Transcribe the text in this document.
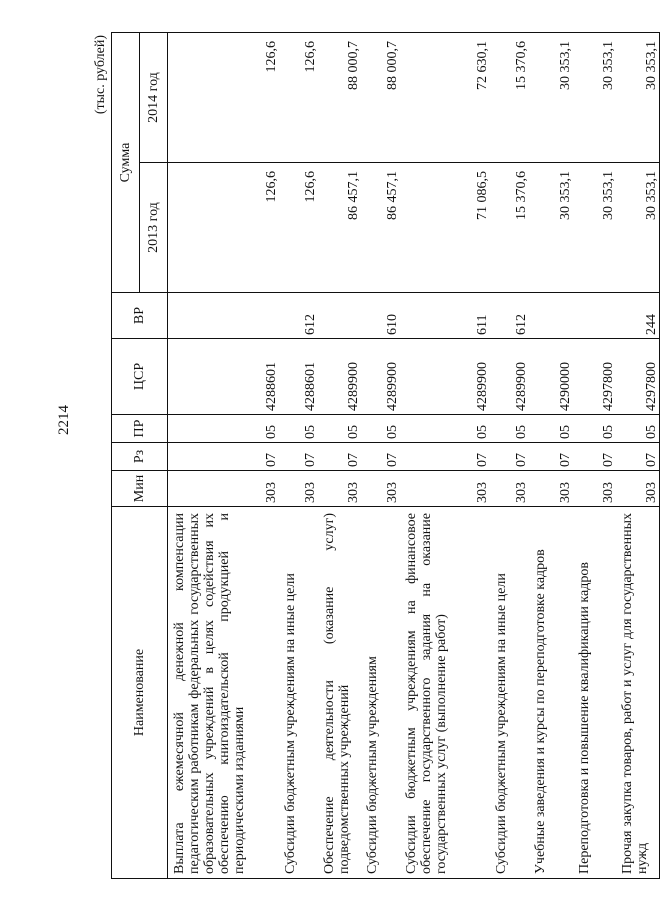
2214
(тыс. рублей)
Наименование	Мин	Рз	ПР	ЦСР	ВР	Сумма	
						2013 год	2014 год

Выплата ежемесячной денежной компенсации педагогическим работникам федеральных государственных образовательных учреждений в целях содействия их обеспечению книгоиздательской продукцией и периодическими изданиями	303	07	05	4288601		126,6	126,6

Субсидии бюджетным учреждениям на иные цели	303	07	05	4288601	612	126,6	126,6

Обеспечение деятельности (оказание услуг) подведомственных учреждений	303	07	05	4289900		86 457,1	88 000,7

Субсидии бюджетным учреждениям	303	07	05	4289900	610	86 457,1	88 000,7

Субсидии бюджетным учреждениям на финансовое обеспечение государственного задания на оказание государственных услуг (выполнение работ)	303	07	05	4289900	611	71 086,5	72 630,1

Субсидии бюджетным учреждениям на иные цели	303	07	05	4289900	612	15 370,6	15 370,6

Учебные заведения и курсы по переподготовке кадров	303	07	05	4290000		30 353,1	30 353,1

Переподготовка и повышение квалификации кадров	303	07	05	4297800		30 353,1	30 353,1

Прочая закупка товаров, работ и услуг для государственных нужд	303	07	05	4297800	244	30 353,1	30 353,1
